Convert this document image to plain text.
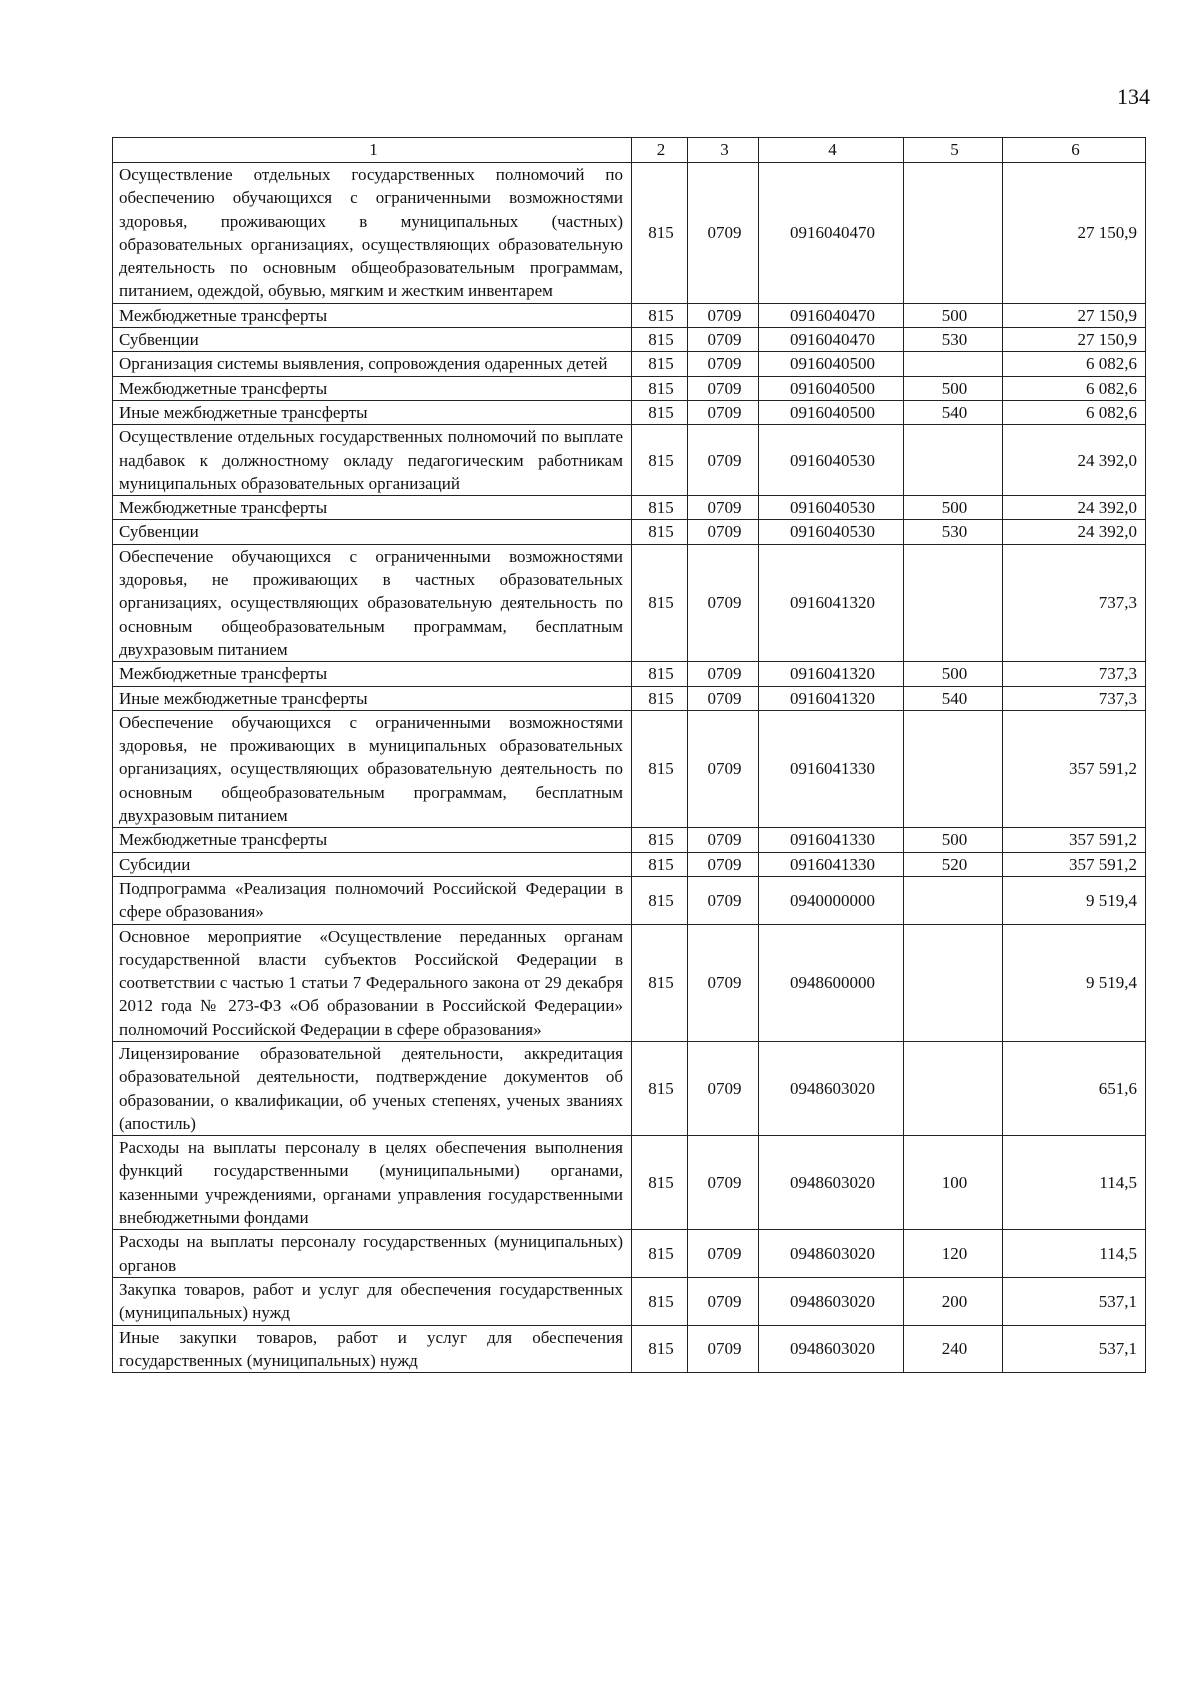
134
1	2	3	4	5	6
Осуществление отдельных государственных полномочий по обеспечению обучающихся с ограниченными возможностями здоровья, проживающих в муниципальных (частных) образовательных организациях, осуществляющих образовательную деятельность по основным общеобразовательным программам, питанием, одеждой, обувью, мягким и жестким инвентарем	815	0709	0916040470		27 150,9
Межбюджетные трансферты	815	0709	0916040470	500	27 150,9
Субвенции	815	0709	0916040470	530	27 150,9
Организация системы выявления, сопровождения одаренных детей	815	0709	0916040500		6 082,6
Межбюджетные трансферты	815	0709	0916040500	500	6 082,6
Иные межбюджетные трансферты	815	0709	0916040500	540	6 082,6
Осуществление отдельных государственных полномочий по выплате надбавок к должностному окладу педагогическим работникам муниципальных образовательных организаций	815	0709	0916040530		24 392,0
Межбюджетные трансферты	815	0709	0916040530	500	24 392,0
Субвенции	815	0709	0916040530	530	24 392,0
Обеспечение обучающихся с ограниченными возможностями здоровья, не проживающих в частных образовательных организациях, осуществляющих образовательную деятельность по основным общеобразовательным программам, бесплатным двухразовым питанием	815	0709	0916041320		737,3
Межбюджетные трансферты	815	0709	0916041320	500	737,3
Иные межбюджетные трансферты	815	0709	0916041320	540	737,3
Обеспечение обучающихся с ограниченными возможностями здоровья, не проживающих в муниципальных образовательных организациях, осуществляющих образовательную деятельность по основным общеобразовательным программам, бесплатным двухразовым питанием	815	0709	0916041330		357 591,2
Межбюджетные трансферты	815	0709	0916041330	500	357 591,2
Субсидии	815	0709	0916041330	520	357 591,2
Подпрограмма «Реализация полномочий Российской Федерации в сфере образования»	815	0709	0940000000		9 519,4
Основное мероприятие «Осуществление переданных органам государственной власти субъектов Российской Федерации в соответствии с частью 1 статьи 7 Федерального закона от 29 декабря 2012 года № 273-ФЗ «Об образовании в Российской Федерации» полномочий Российской Федерации в сфере образования»	815	0709	0948600000		9 519,4
Лицензирование образовательной деятельности, аккредитация образовательной деятельности, подтверждение документов об образовании, о квалификации, об ученых степенях, ученых званиях (апостиль)	815	0709	0948603020		651,6
Расходы на выплаты персоналу в целях обеспечения выполнения функций государственными (муниципальными) органами, казенными учреждениями, органами управления государственными внебюджетными фондами	815	0709	0948603020	100	114,5
Расходы на выплаты персоналу государственных (муниципальных) органов	815	0709	0948603020	120	114,5
Закупка товаров, работ и услуг для обеспечения государственных (муниципальных) нужд	815	0709	0948603020	200	537,1
Иные закупки товаров, работ и услуг для обеспечения государственных (муниципальных) нужд	815	0709	0948603020	240	537,1
